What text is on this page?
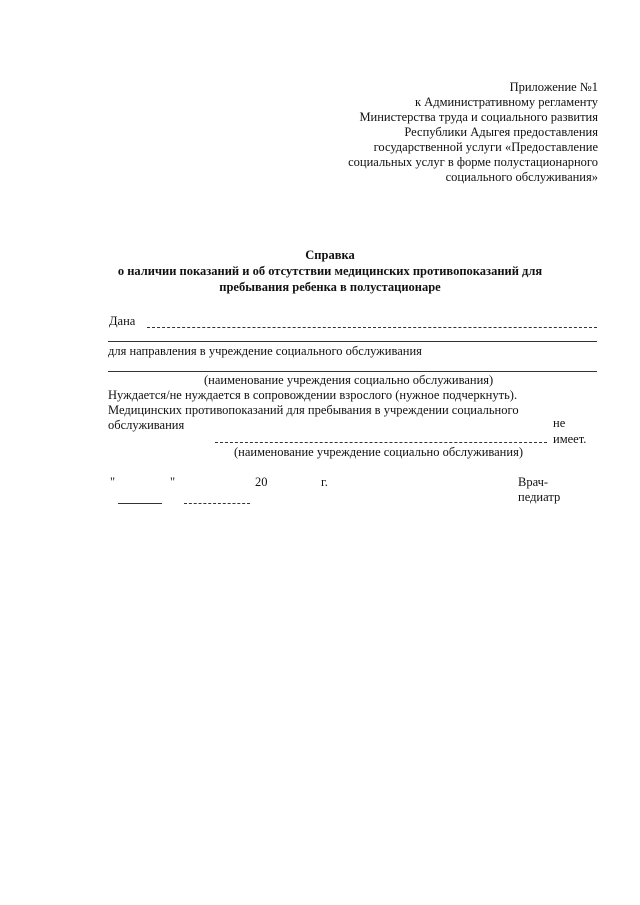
Приложение №1
к Административному регламенту
Министерства труда и социального развития
Республики Адыгея предоставления
государственной услуги «Предоставление
социальных услуг в форме полустационарного
социального обслуживания»
Справка
о наличии показаний и об отсутствии медицинских противопоказаний для
пребывания ребенка в полустационаре
Дана
для направления в учреждение социального обслуживания
(наименование учреждения социально обслуживания)
Нуждается/не нуждается в сопровождении взрослого (нужное подчеркнуть).
Медицинских противопоказаний для пребывания в учреждении социального
обслуживания	не
имеет.
(наименование учреждение социально обслуживания)
"	"	20	г.	Врач-
педиатр
